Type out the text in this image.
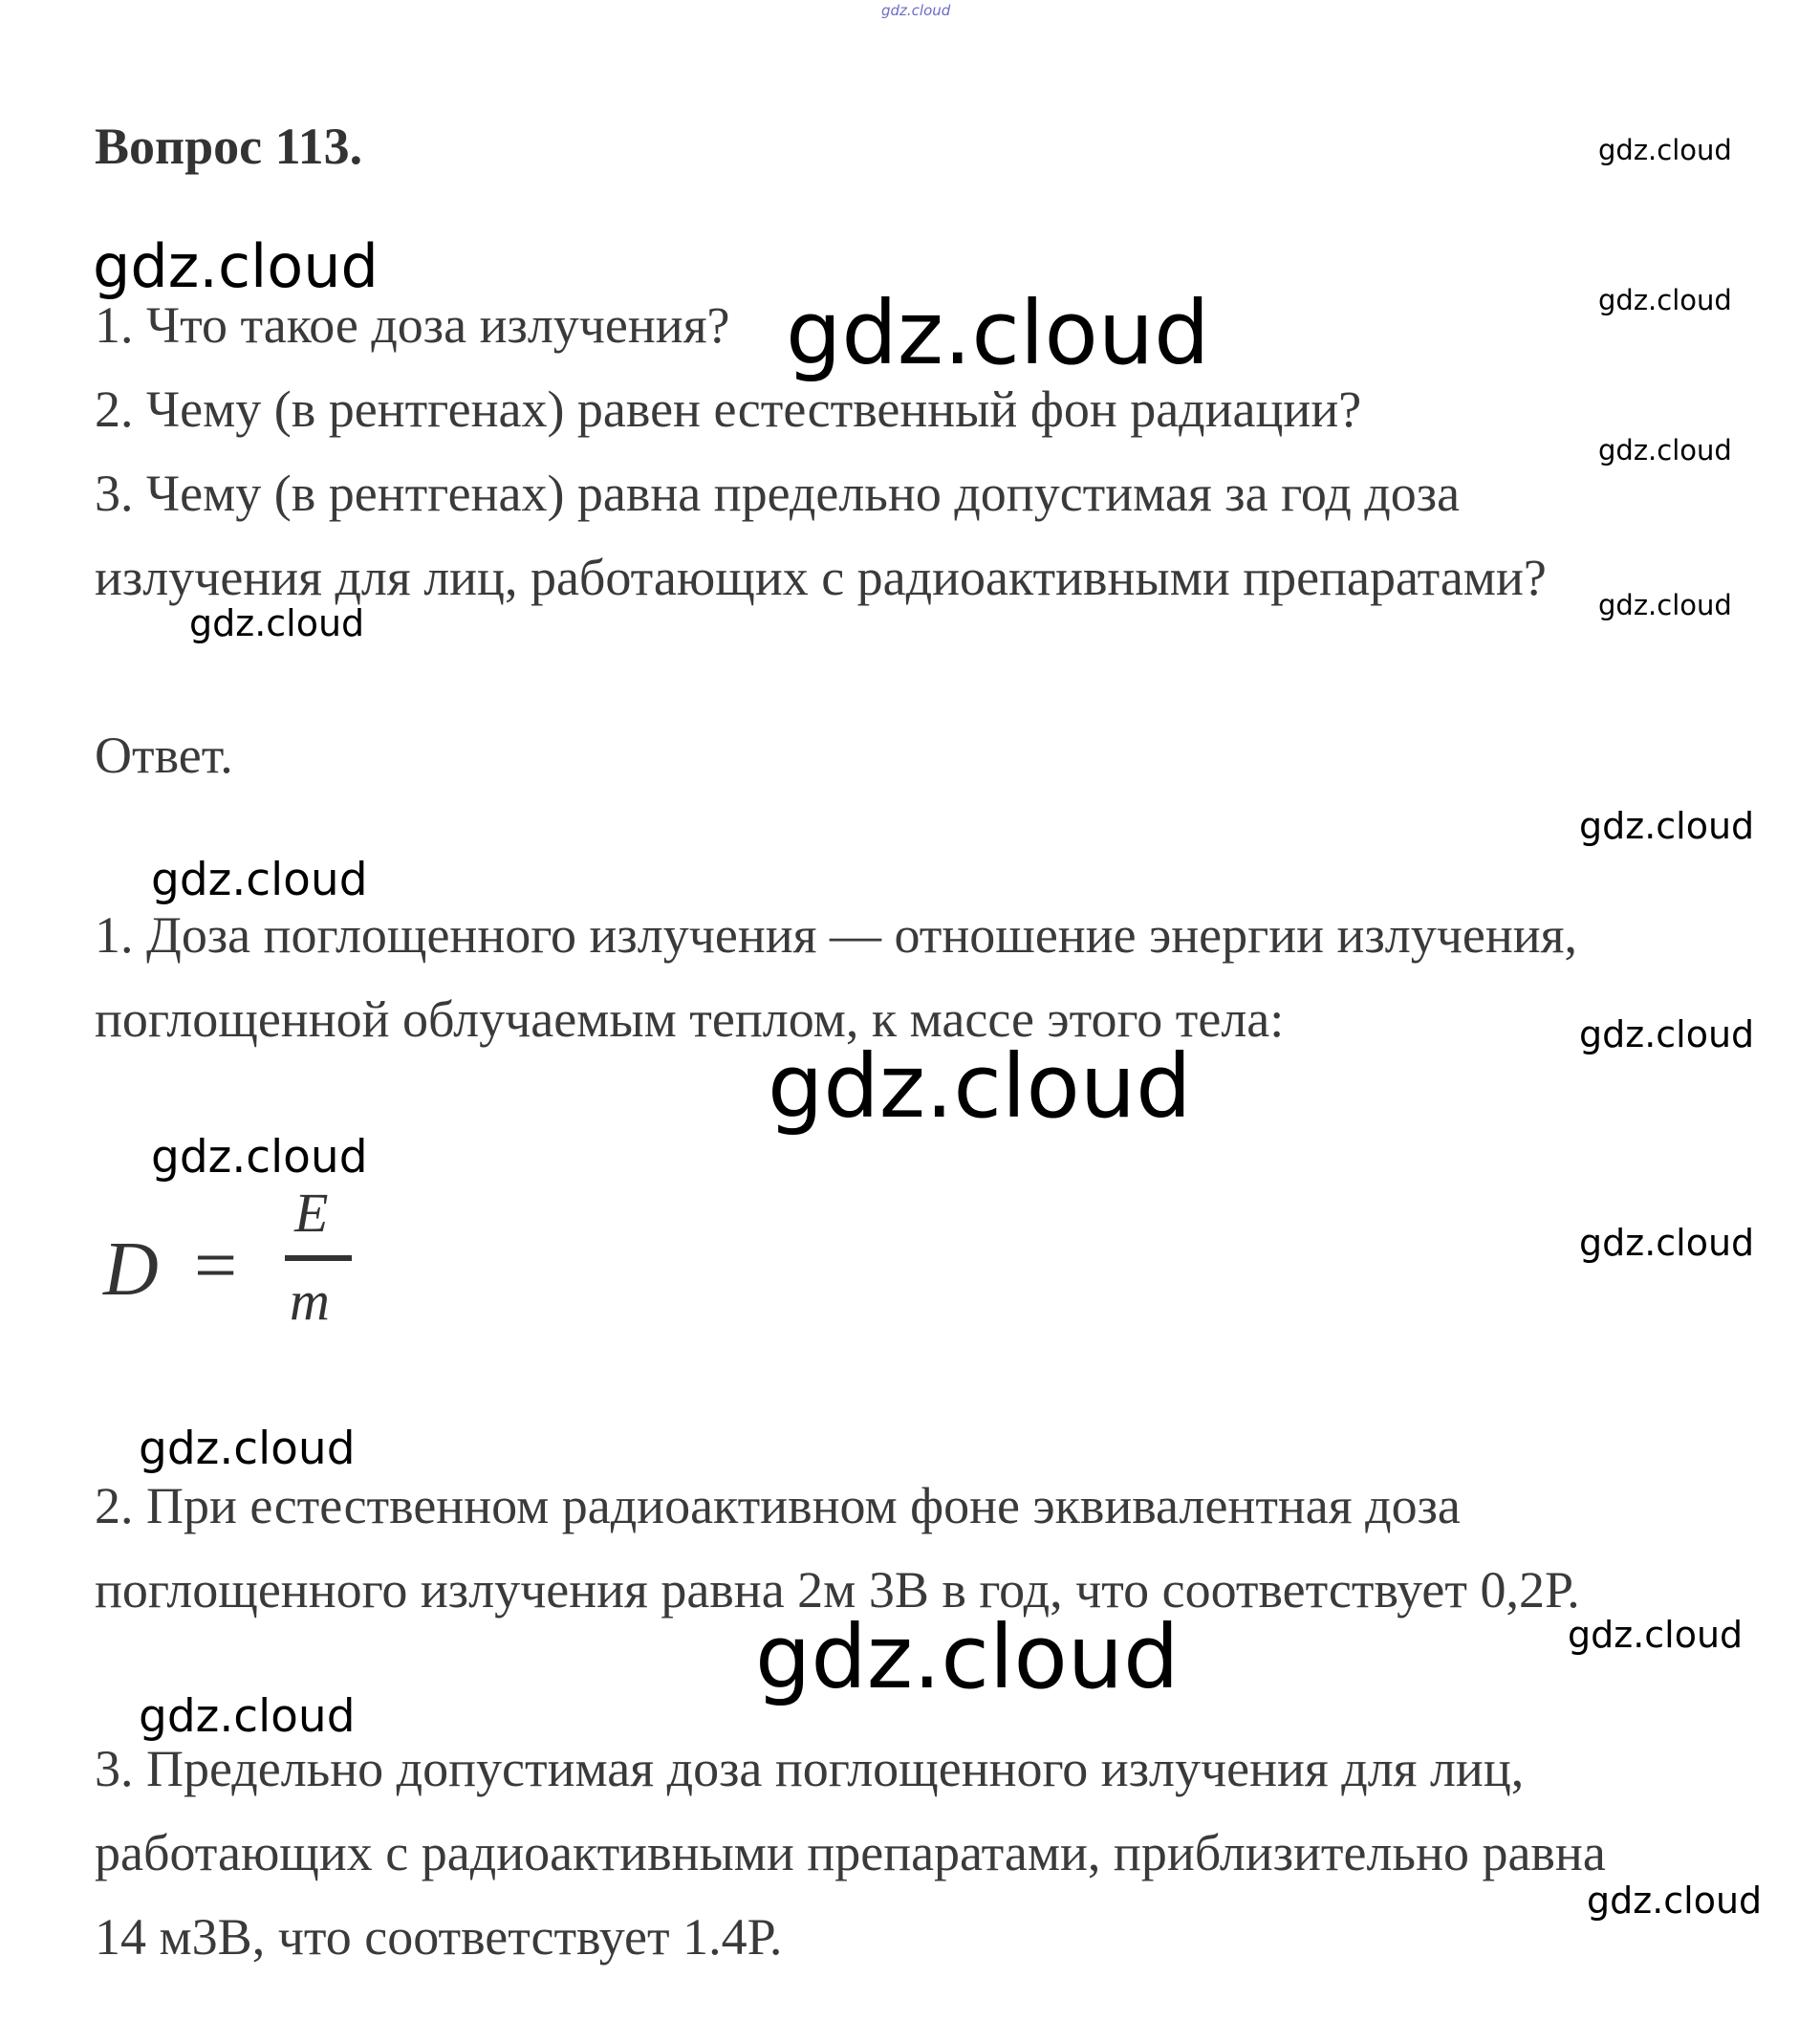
gdz.cloud
Вопрос 113.	gdz.cloud
gdz.cloud
gdz.cloud
gdz.cloud

1. Что такое доза излучения? gdz.cloud

2. Чему (в рентгенах) равен естественный фон радиации?

3. Чему (в рентгенах) равна предельно допустимая за год доза

излучения для лиц, работающих с радиоактивными препаратами? gdz.cloud
gdz.cloud

Ответ.

gdz.cloud
gdz.cloud

1. Доза поглощенного излучения — отношение энергии излучения,

поглощенной облучаемым теплом, к массе этого тела:	gdz.cloud
gdz.cloud
gdz.cloud
D =
E
m
gdz.cloud
gdz.cloud

2. При естественном радиоактивном фоне эквивалентная доза

поглощенного излучения равна 2м 3В в год, что соответствует 0,2Р.

gdz.cloud
gdz.cloud
gdz.cloud

3. Предельно допустимая доза поглощенного излучения для лиц,

работающих с радиоактивными препаратами, приблизительно равна

gdz.cloud

14 м3В, что соответствует 1.4Р.
